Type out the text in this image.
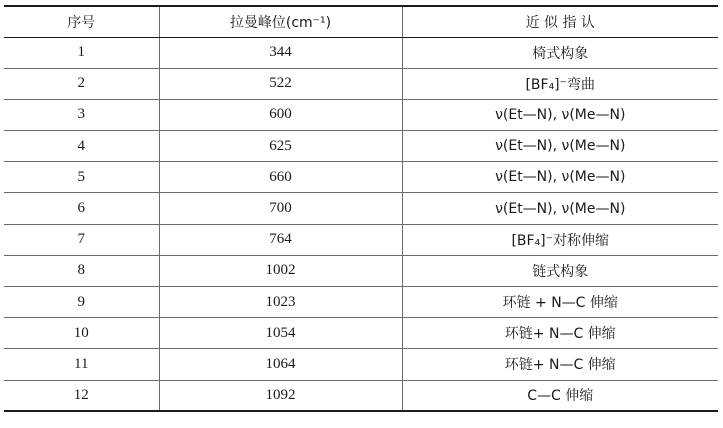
序号	拉曼峰位(cm⁻¹)	近 似 指 认
1	344	椅式构象
2	522	[BF₄]⁻弯曲
3	600	ν(Et—N), ν(Me—N)
4	625	ν(Et—N), ν(Me—N)
5	660	ν(Et—N), ν(Me—N)
6	700	ν(Et—N), ν(Me—N)
7	764	[BF₄]⁻对称伸缩
8	1002	链式构象
9	1023	环链 + N—C 伸缩
10	1054	环链+ N—C 伸缩
11	1064	环链+ N—C 伸缩
12	1092	C—C 伸缩
